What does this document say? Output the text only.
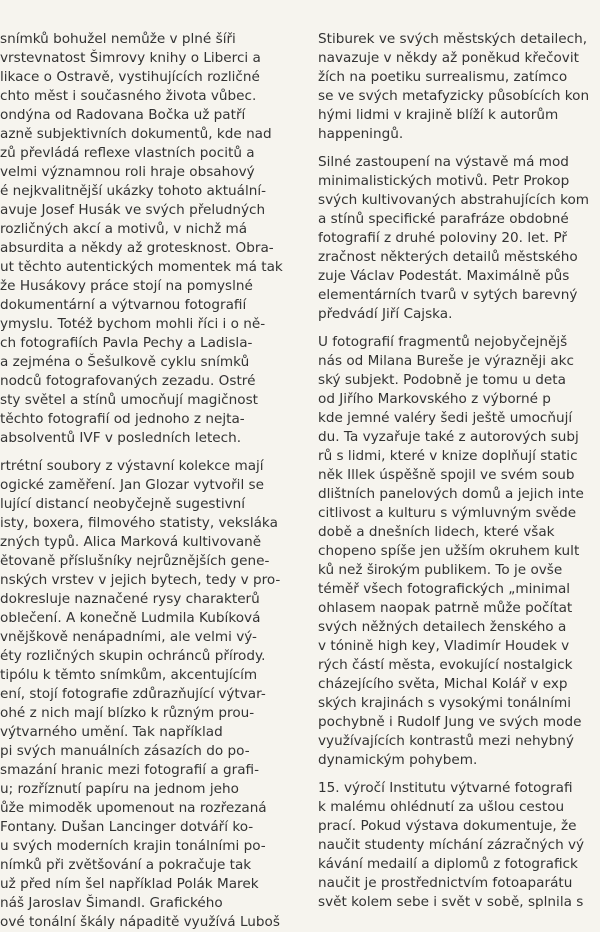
snímků bohužel nemůže v plné šíři
vrstevnatost Šimrovy knihy o Liberci a
likace o Ostravě, vystihujících rozličné
chto měst i současného života vůbec.
ondýna od Radovana Bočka už patří
azně subjektivních dokumentů, kde nad
zů převládá reflexe vlastních pocitů a
velmi významnou roli hraje obsahový
é nejkvalitnější ukázky tohoto aktuální-
avuje Josef Husák ve svých přeludných
rozličných akcí a motivů, v nichž má
absurdita a někdy až grotesknost. Obra-
ut těchto autentických momentek má tak
že Husákovy práce stojí na pomyslné
dokumentární a výtvarnou fotografií
ymyslu. Totéž bychom mohli říci i o ně-
ch fotografiích Pavla Pechy a Ladisla-
a zejména o Šešulkově cyklu snímků
nodců fotografovaných zezadu. Ostré
sty světel a stínů umocňují magičnost
těchto fotografií od jednoho z nejta-
absolventů IVF v posledních letech.
rtrétní soubory z výstavní kolekce mají
ogické zaměření. Jan Glozar vytvořil se
lující distancí neobyčejně sugestivní
isty, boxera, filmového statisty, veksláka
zných typů. Alica Marková kultivovaně
ětovaně příslušníky nejrůznějších gene-
nských vrstev v jejich bytech, tedy v pro-
dokresluje naznačené rysy charakterů
oblečení. A konečně Ludmila Kubíková
vnějškově nenápadními, ale velmi vý-
éty rozličných skupin ochránců přírody.
tipólu k těmto snímkům, akcentujícím
ení, stojí fotografie zdůrazňující výtvar-
ohé z nich mají blízko k různým prou-
výtvarného umění. Tak například
pi svých manuálních zásazích do po-
smazání hranic mezi fotografií a grafi-
u; rozříznutí papíru na jednom jeho
ůže mimoděk upomenout na rozřezaná
Fontany. Dušan Lancinger dotváří ko-
u svých moderních krajin tonálními po-
nímků při zvětšování a pokračuje tak
už před ním šel například Polák Marek
náš Jaroslav Šimandl. Grafického
ové tonální škály nápaditě využívá Luboš
Stiburek ve svých městských detailech,
navazuje v někdy až poněkud křečovit
žích na poetiku surrealismu, zatímco
se ve svých metafyzicky působících kon
hými lidmi v krajině blíží k autorům
happeningů.
Silné zastoupení na výstavě má mod
minimalistických motivů. Petr Prokop
svých kultivovaných abstrahujících kom
a stínů specifické parafráze obdobné
fotografií z druhé poloviny 20. let. Př
zračnost některých detailů městského
zuje Václav Podestát. Maximálně půs
elementárních tvarů v sytých barevný
předvádí Jiří Cajska.
U fotografií fragmentů nejobyčejnějš
nás od Milana Bureše je výrazněji akc
ský subjekt. Podobně je tomu u deta
od Jiřího Markovského z výborné p
kde jemné valéry šedi ještě umocňují
du. Ta vyzařuje také z autorových subj
rů s lidmi, které v knize doplňují static
něk Illek úspěšně spojil ve svém soub
dlištních panelových domů a jejich inte
citlivost a kulturu s výmluvným svěde
době a dnešních lidech, které však
chopeno spíše jen užším okruhem kult
ků než širokým publikem. To je ovše
téměř všech fotografických „minimal
ohlasem naopak patrně může počítat
svých něžných detailech ženského a
v tónině high key, Vladimír Houdek v
rých částí města, evokující nostalgick
cházejícího světa, Michal Kolář v exp
ských krajinách s vysokými tonálními
pochybně i Rudolf Jung ve svých mode
využívajících kontrastů mezi nehybný
dynamickým pohybem.
15. výročí Institutu výtvarné fotografi
k malému ohlédnutí za ušlou cestou
prací. Pokud výstava dokumentuje, že
naučit studenty míchání zázračných vý
kávání medailí a diplomů z fotografick
naučit je prostřednictvím fotoaparátu
svět kolem sebe i svět v sobě, splnila s
